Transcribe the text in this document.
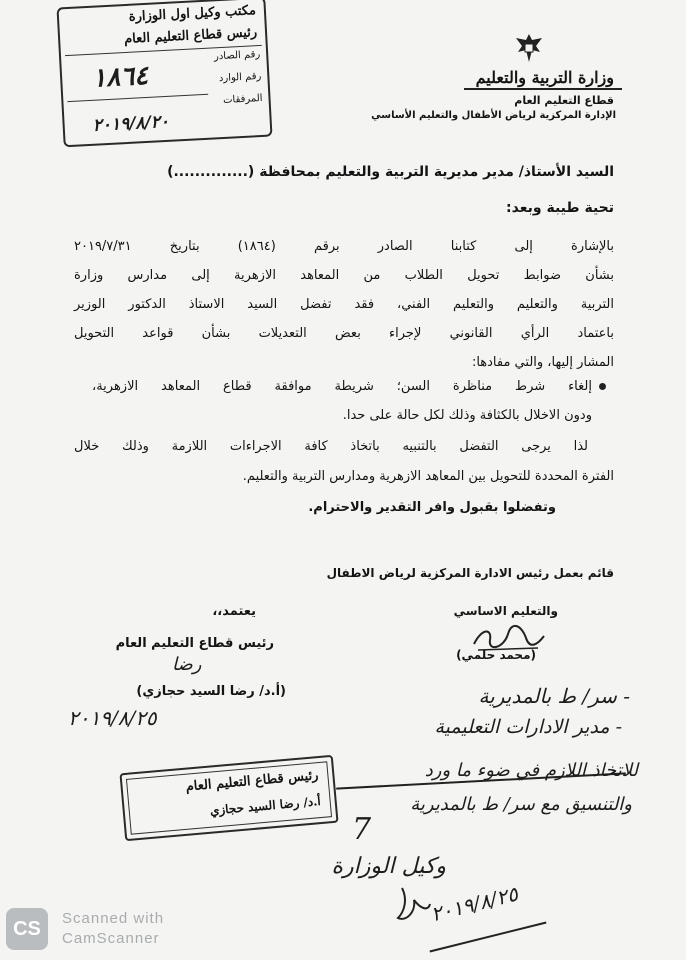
مكتب وكيل اول الوزارة
رئيس قطاع التعليم العام
رقم الصادر
١٨٦٤	رقم الوارد
المرفقات
٢٠١٩/٨/٢٠
وزارة التربية والتعليم
قطاع التعليم العام
الإدارة المركزية لرياض الأطفال والتعليم الأساسي
السيد الأستاذ/ مدير مديرية التربية والتعليم بمحافظة (..............)
تحية طيبة وبعد:
بالإشارة إلى كتابنا الصادر برقم (١٨٦٤) بتاريخ ٢٠١٩/٧/٣١
بشأن ضوابط تحويل الطلاب من المعاهد الازهرية إلى مدارس وزارة
التربية والتعليم والتعليم الفني، فقد تفضل السيد الاستاذ الدكتور الوزير
باعتماد الرأي القانوني لإجراء بعض التعديلات بشأن قواعد التحويل
المشار إليها، والتي مفادها:
إلغاء شرط مناظرة السن؛ شريطة موافقة قطاع المعاهد الازهرية،
ودون الاخلال بالكثافة وذلك لكل حالة على حدا.
لذا يرجى التفضل بالتنبيه باتخاذ كافة الاجراءات اللازمة وذلك خلال
الفترة المحددة للتحويل بين المعاهد الازهرية ومدارس التربية والتعليم.
وتفضلوا بقبول وافر التقدير والاحترام.
قائم بعمل رئيس الادارة المركزية لرياض الاطفال
والتعليم الاساسي
(محمد حلمي)
يعتمد،،
رئيس قطاع التعليم العام
رضا
(أ.د/ رضا السيد حجازي)
٢٠١٩/٨/٢٥
رئيس قطاع التعليم العام
أ.د/ رضا السيد حجازي
- سر/ ط بالمديرية
- مدير الادارات التعليمية
للاتخاذ اللازم في ضوء ما ورد
والتنسيق مع سر/ ط بالمديرية
7
وكيل الوزارة
٢٠١٩/٨/٢٥
CS Scanned with
CamScanner
